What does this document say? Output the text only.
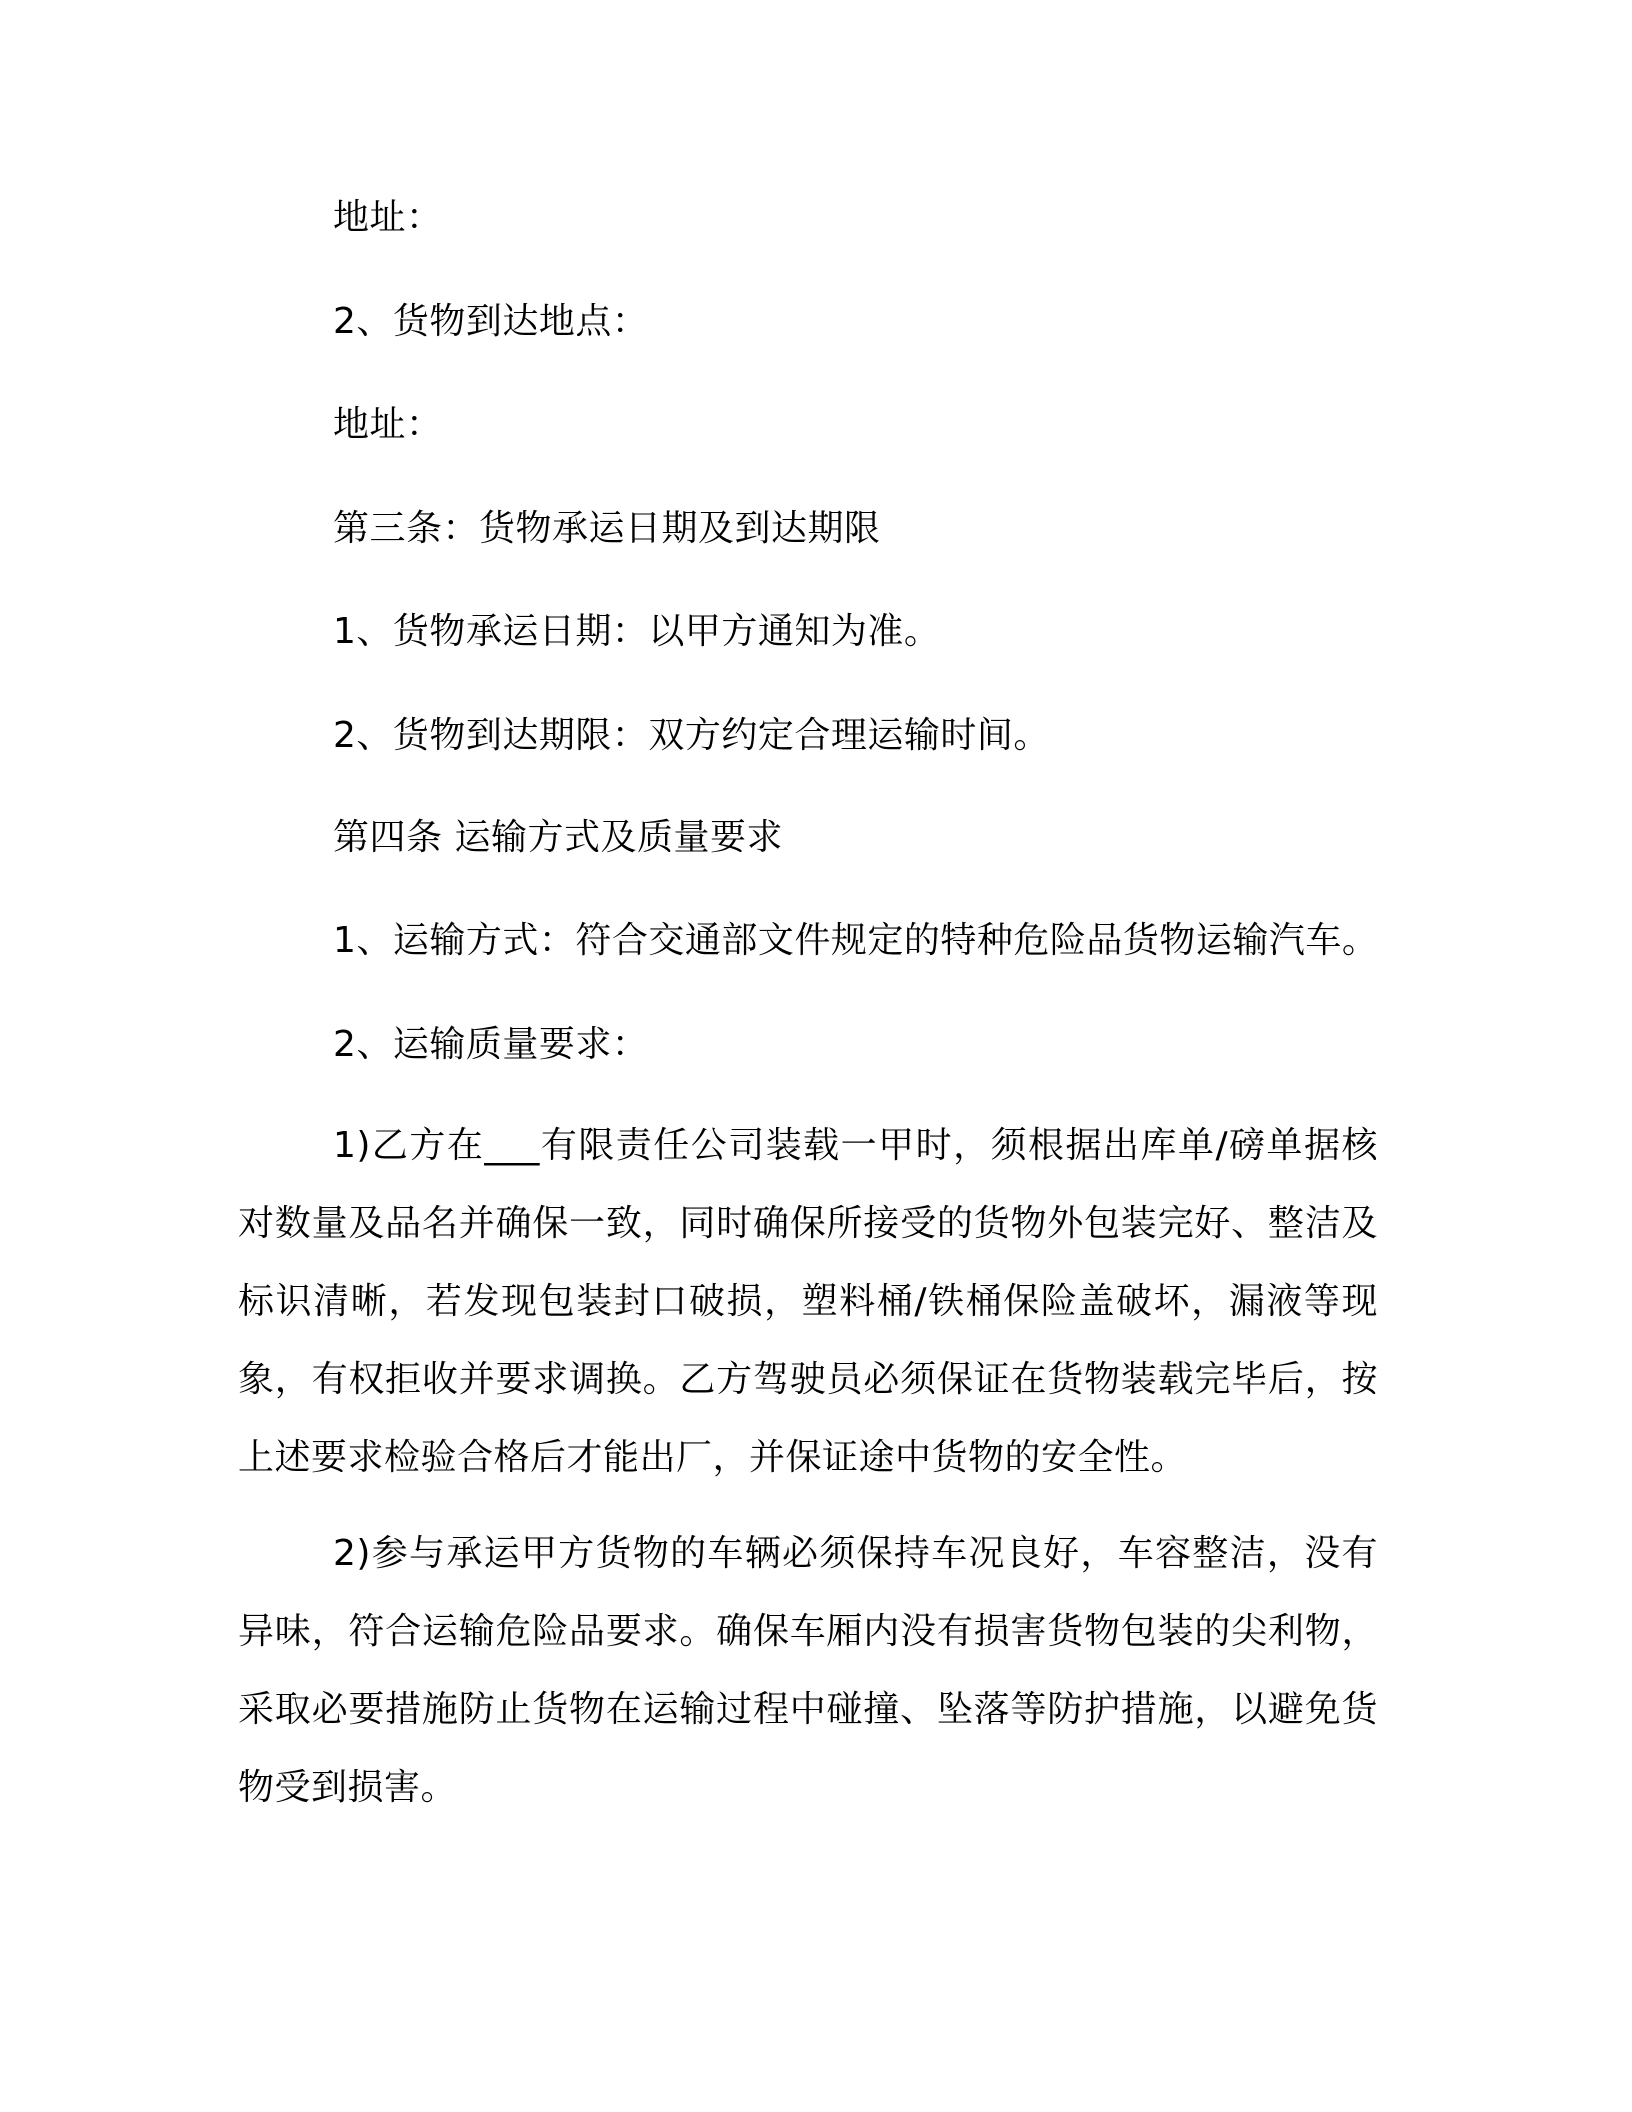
地址：
2、货物到达地点：
地址：
第三条：货物承运日期及到达期限
1、货物承运日期：以甲方通知为准。
2、货物到达期限：双方约定合理运输时间。
第四条 运输方式及质量要求
1、运输方式：符合交通部文件规定的特种危险品货物运输汽车。
2、运输质量要求：

1)乙方在___有限责任公司装载一甲时，须根据出库单/磅单据核对数量及品名并确保一致，同时确保所接受的货物外包装完好、整洁及标识清晰，若发现包装封口破损，塑料桶/铁桶保险盖破坏，漏液等现象，有权拒收并要求调换。乙方驾驶员必须保证在货物装载完毕后，按上述要求检验合格后才能出厂，并保证途中货物的安全性。

2)参与承运甲方货物的车辆必须保持车况良好，车容整洁，没有异味，符合运输危险品要求。确保车厢内没有损害货物包装的尖利物，采取必要措施防止货物在运输过程中碰撞、坠落等防护措施，以避免货物受到损害。
